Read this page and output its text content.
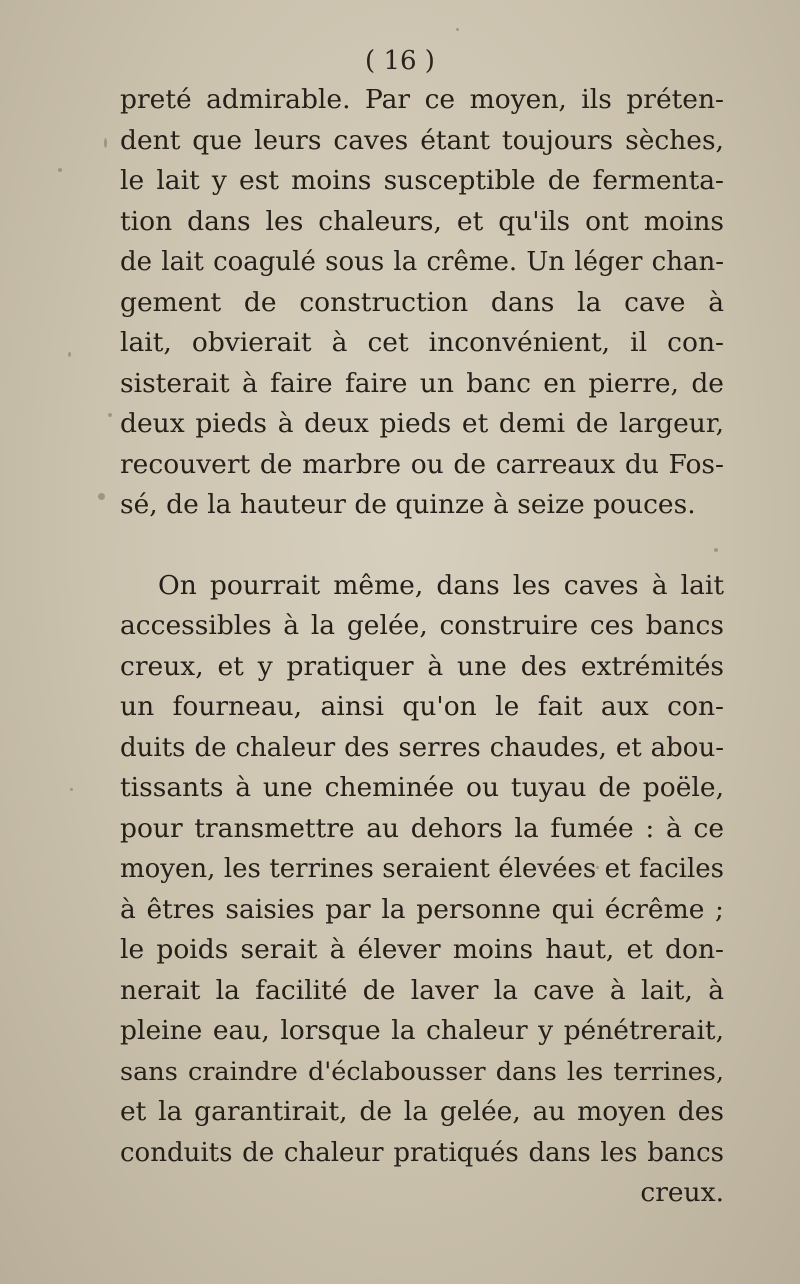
( 16 )

preté admirable. Par ce moyen, ils préten-
dent que leurs caves étant toujours sèches,
le lait y est moins susceptible de fermenta-
tion dans les chaleurs, et qu'ils ont moins
de lait coagulé sous la crême. Un léger chan-
gement de construction dans la cave à
lait, obvierait à cet inconvénient, il con-
sisterait à faire faire un banc en pierre, de
deux pieds à deux pieds et demi de largeur,
recouvert de marbre ou de carreaux du Fos-
sé, de la hauteur de quinze à seize pouces.

On pourrait même, dans les caves à lait
accessibles à la gelée, construire ces bancs
creux, et y pratiquer à une des extrémités
un fourneau, ainsi qu'on le fait aux con-
duits de chaleur des serres chaudes, et abou-
tissants à une cheminée ou tuyau de poële,
pour transmettre au dehors la fumée : à ce
moyen, les terrines seraient élevées et faciles
à êtres saisies par la personne qui écrême ;
le poids serait à élever moins haut, et don-
nerait la facilité de laver la cave à lait, à
pleine eau, lorsque la chaleur y pénétrerait,
sans craindre d'éclabousser dans les terrines,
et la garantirait, de la gelée, au moyen des
conduits de chaleur pratiqués dans les bancs
creux.
